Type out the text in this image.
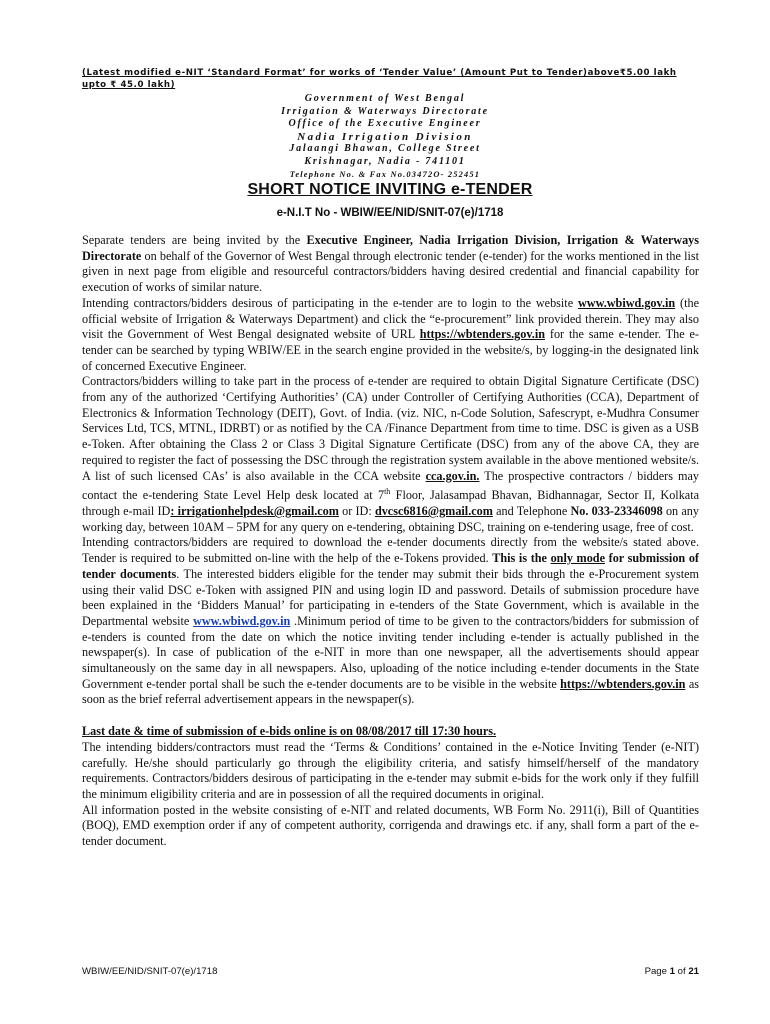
(Latest modified e-NIT ‘Standard Format’ for works of ‘Tender Value’ (Amount Put to Tender)above₹5.00 lakh upto ₹ 45.0 lakh)
Government of West Bengal
Irrigation & Waterways Directorate
Office of the Executive Engineer
Nadia Irrigation Division
Jalaangi Bhawan, College Street
Krishnagar, Nadia - 741101
Telephone No. & Fax No.03472O- 252451
SHORT NOTICE INVITING e-TENDER
e-N.I.T No - WBIW/EE/NID/SNIT-07(e)/1718

Separate tenders are being invited by the Executive Engineer, Nadia Irrigation Division, Irrigation & Waterways Directorate on behalf of the Governor of West Bengal through electronic tender (e-tender) for the works mentioned in the list given in next page from eligible and resourceful contractors/bidders having desired credential and financial capability for execution of works of similar nature.

Intending contractors/bidders desirous of participating in the e-tender are to login to the website www.wbiwd.gov.in (the official website of Irrigation & Waterways Department) and click the “e-procurement” link provided therein. They may also visit the Government of West Bengal designated website of URL https://wbtenders.gov.in for the same e-tender. The e-tender can be searched by typing WBIW/EE in the search engine provided in the website/s, by logging-in the designated link of concerned Executive Engineer.

Contractors/bidders willing to take part in the process of e-tender are required to obtain Digital Signature Certificate (DSC) from any of the authorized ‘Certifying Authorities’ (CA) under Controller of Certifying Authorities (CCA), Department of Electronics & Information Technology (DEIT), Govt. of India. (viz. NIC, n-Code Solution, Safescrypt, e-Mudhra Consumer Services Ltd, TCS, MTNL, IDRBT) or as notified by the CA /Finance Department from time to time. DSC is given as a USB e-Token. After obtaining the Class 2 or Class 3 Digital Signature Certificate (DSC) from any of the above CA, they are required to register the fact of possessing the DSC through the registration system available in the above mentioned website/s. A list of such licensed CAs’ is also available in the CCA website cca.gov.in. The prospective contractors / bidders may contact the e-tendering State Level Help desk located at 7th Floor, Jalasampad Bhavan, Bidhannagar, Sector II, Kolkata through e-mail ID: irrigationhelpdesk@gmail.com or ID: dvcsc6816@gmail.com and Telephone No. 033-23346098 on any working day, between 10AM – 5PM for any query on e-tendering, obtaining DSC, training on e-tendering usage, free of cost.

Intending contractors/bidders are required to download the e-tender documents directly from the website/s stated above. Tender is required to be submitted on-line with the help of the e-Tokens provided. This is the only mode for submission of tender documents. The interested bidders eligible for the tender may submit their bids through the e-Procurement system using their valid DSC e-Token with assigned PIN and using login ID and password. Details of submission procedure have been explained in the ‘Bidders Manual’ for participating in e-tenders of the State Government, which is available in the Departmental website www.wbiwd.gov.in .Minimum period of time to be given to the contractors/bidders for submission of e-tenders is counted from the date on which the notice inviting tender including e-tender is actually published in the newspaper(s). In case of publication of the e-NIT in more than one newspaper, all the advertisements should appear simultaneously on the same day in all newspapers. Also, uploading of the notice including e-tender documents in the State Government e-tender portal shall be such the e-tender documents are to be visible in the website https://wbtenders.gov.in as soon as the brief referral advertisement appears in the newspaper(s).

Last date & time of submission of e-bids online is on 08/08/2017 till 17:30 hours.

The intending bidders/contractors must read the ‘Terms & Conditions’ contained in the e-Notice Inviting Tender (e-NIT) carefully. He/she should particularly go through the eligibility criteria, and satisfy himself/herself of the mandatory requirements. Contractors/bidders desirous of participating in the e-tender may submit e-bids for the work only if they fulfill the minimum eligibility criteria and are in possession of all the required documents in original.

All information posted in the website consisting of e-NIT and related documents, WB Form No. 2911(i), Bill of Quantities (BOQ), EMD exemption order if any of competent authority, corrigenda and drawings etc. if any, shall form a part of the e-tender document.

WBIW/EE/NID/SNIT-07(e)/1718	Page 1 of 21
